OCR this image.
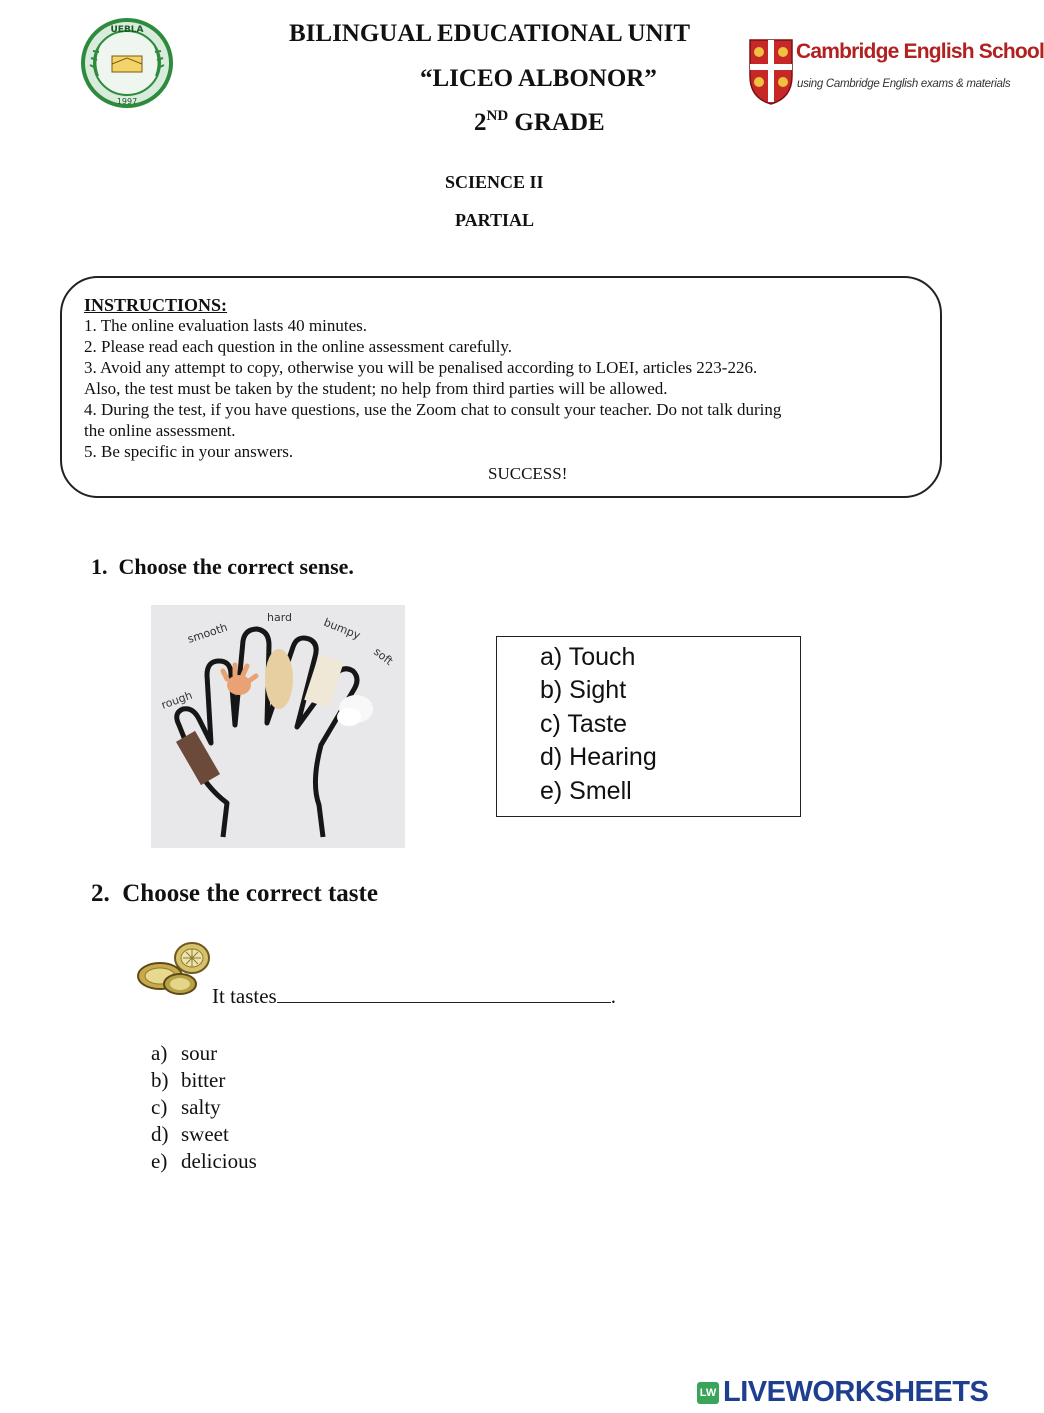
UEBLA
1997
BILINGUAL EDUCATIONAL UNIT
“LICEO ALBONOR”
2ND GRADE
Cambridge English School
using Cambridge English exams & materials
SCIENCE II
PARTIAL
INSTRUCTIONS:
1. The online evaluation lasts 40 minutes.
2. Please read each question in the online assessment carefully.
3. Avoid any attempt to copy, otherwise you will be penalised according to LOEI, articles 223-226.
Also, the test must be taken by the student; no help from third parties will be allowed.
4. During the test, if you have questions, use the Zoom chat to consult your teacher. Do not talk during
the online assessment.
5. Be specific in your answers.
SUCCESS!
1. Choose the correct sense.
smooth
hard	bumpy
soft
rough
a) Touch
b) Sight
c) Taste
d) Hearing
e) Smell
2. Choose the correct taste
It tastes	.
a) sour
b) bitter
c) salty
d) sweet
e) delicious
LW LIVEWORKSHEETS
